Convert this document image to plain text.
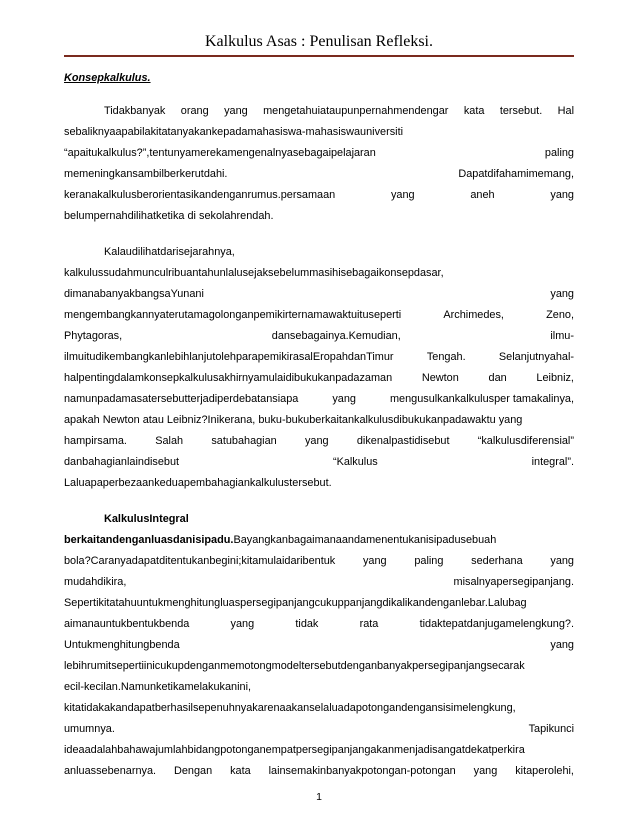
Kalkulus Asas : Penulisan Refleksi.
Konsepkalkulus.
Tidakbanyak orang yang mengetahuiataupunpernahmendengar kata tersebut. Hal
sebaliknyaapabilakitatanyakankepadamahasiswa-mahasiswauniversiti
“apaitukalkulus?”,tentunyamerekamengenalnyasebagaipelajaran	paling
memeningkansambilberkerutdahi.	Dapatdifahamimemang,
keranakalkulusberorientasikandenganrumus.persamaan	yang	aneh	yang
belumpernahdilihatketika di sekolahrendah.
Kalaudilihatdarisejarahnya,
kalkulussudahmunculribuantahunlalusejaksebelummasihisebagaikonsepdasar,
dimanabanyakbangsaYunani	yang
mengembangkannyaterutamagolonganpemikirternamawaktuituseperti	Archimedes,	Zeno,
Phytagoras,	dansebagainya.Kemudian,	ilmu-
ilmuitudikembangkanlebihlanjutolehparapemikirasalEropahdanTimur	Tengah.	Selanjutnyahal-
halpentingdalamkonsepkalkulusakhirnyamulaidibukukanpadazaman	Newton	dan	Leibniz,
namunpadamasatersebutterjadiperdebatansiapa	yang	mengusulkankalkulusper tamakalinya,
apakah Newton atau Leibniz?Inikerana, buku-bukuberkaitankalkulusdibukukanpadawaktu yang
hampirsama.	Salah	satubahagian	yang	dikenalpastidisebut	“kalkulusdiferensial”
danbahagianlaindisebut	“Kalkulus	integral”.
Laluapaperbezaankeduapembahagiankalkulustersebut.
KalkulusIntegral
berkaitandenganluasdanisipadu. Bayangkanbagaimanaandamenentukanisipadusebuah
bola?Caranyadapatditentukanbegini;kitamulaidaribentuk	yang	paling	sederhana	yang
mudahdikira,	misalnyapersegipanjang.
Sepertikitatahuuntukmenghitungluaspersegipanjangcukuppanjangdikalikandenganlebar.Lalubag
aimanauntukbentukbenda	yang	tidak	rata	tidaktepatdanjugamelengkung?.
Untukmenghitungbenda	yang
lebihrumitsepertiinicukupdenganmemotongmodeltersebutdenganbanyakpersegipanjangsecarak
ecil-kecilan.Namunketikamelakukanini,
kitatidakakandapatberhasilsepenuhnyakarenaakanselaluadapotongandengansisimelengkung,
umumnya.	Tapikunci
ideaadalahbahawajumlahbidangpotonganempatpersegipanjangakanmenjadisangatdekatperkira
anluassebenarnya. Dengan kata lainsemakinbanyakpotongan-potongan yang kitaperolehi,
1
